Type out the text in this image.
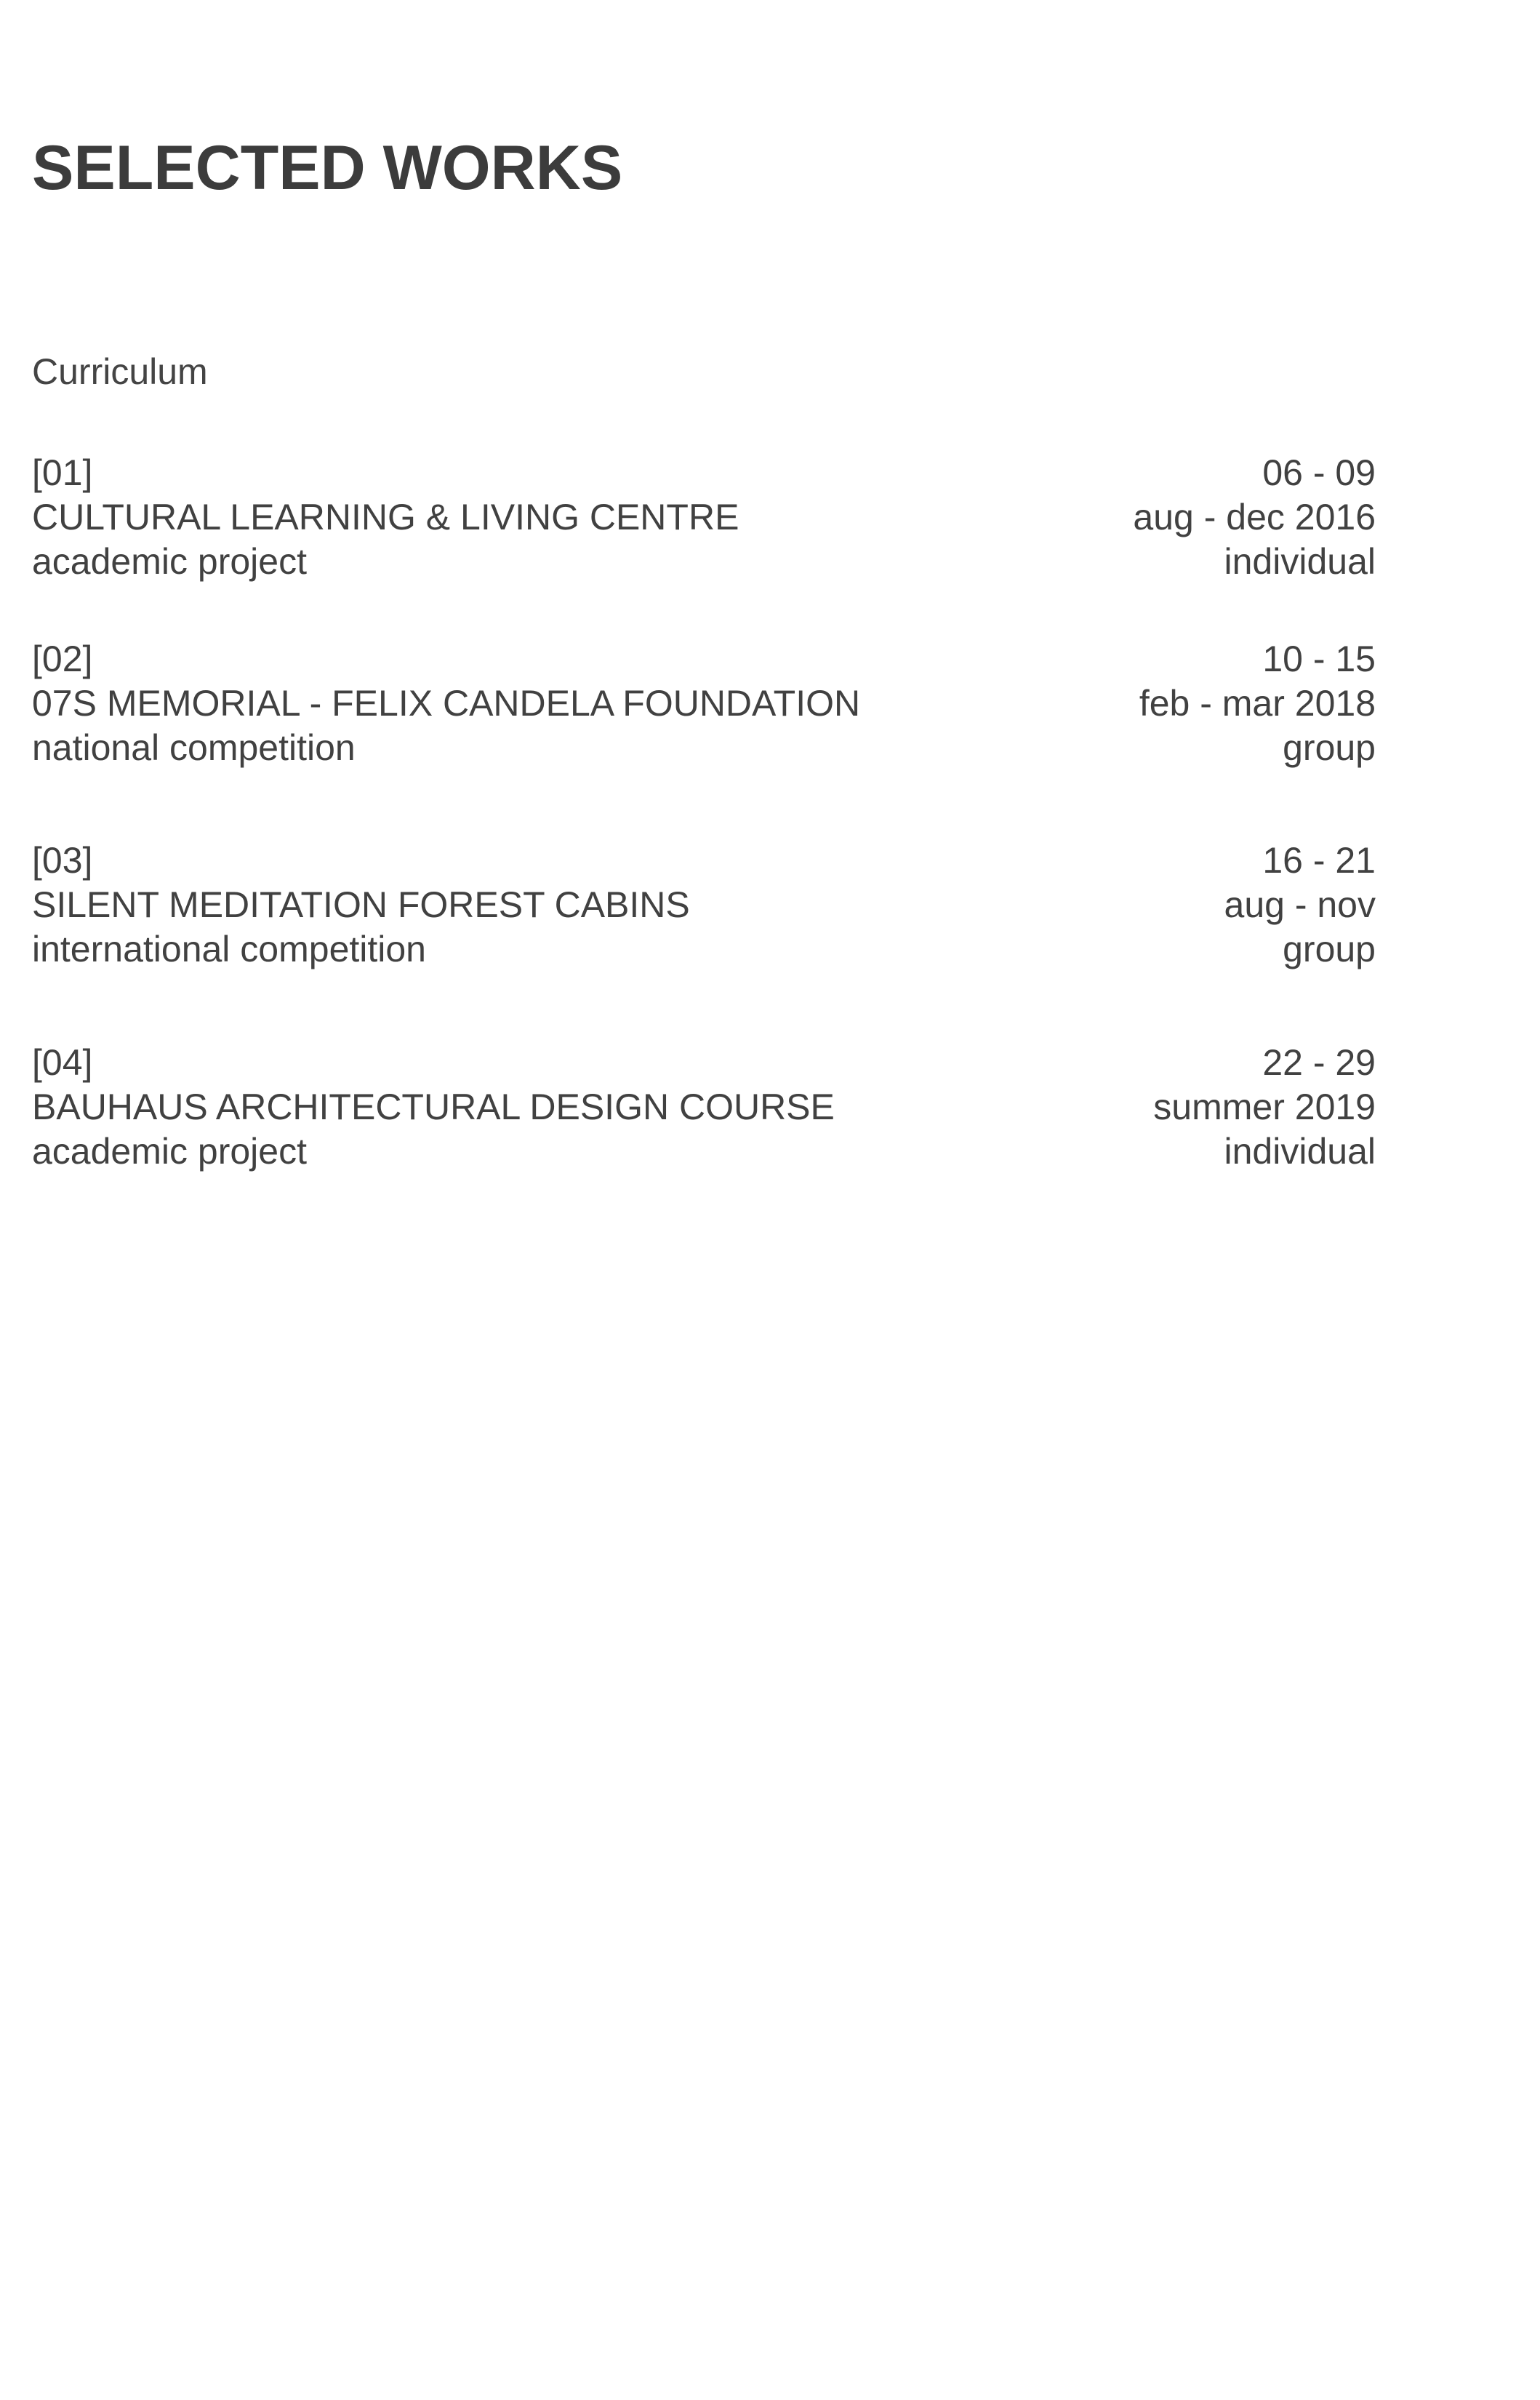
SELECTED WORKS
Curriculum
[01]
CULTURAL LEARNING & LIVING CENTRE
academic project
06 - 09
aug - dec 2016
individual
[02]
07S MEMORIAL - FELIX CANDELA FOUNDATION
national competition
10 - 15
feb - mar 2018
group
[03]
SILENT MEDITATION FOREST CABINS
international competition
16 - 21
aug - nov
group
[04]
BAUHAUS ARCHITECTURAL DESIGN COURSE
academic project
22 - 29
summer 2019
individual
